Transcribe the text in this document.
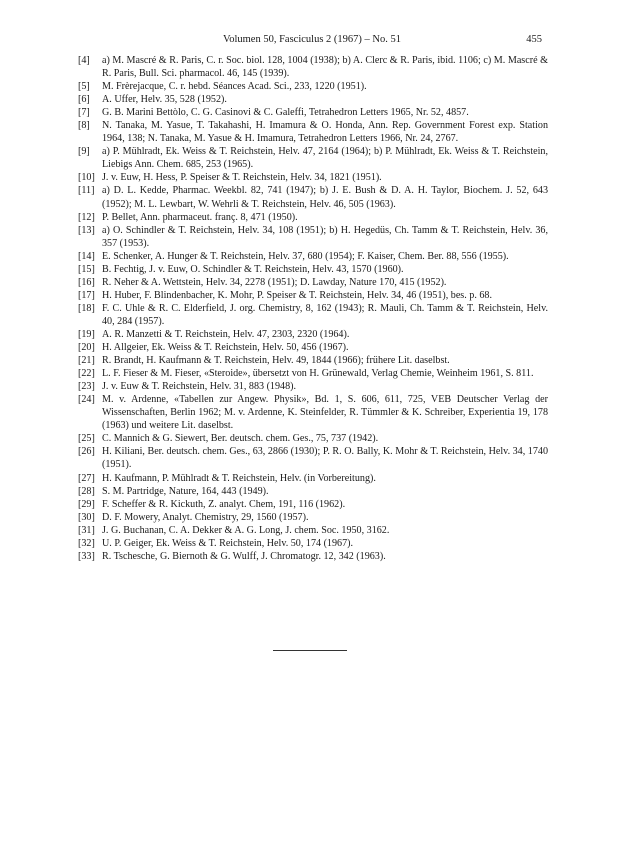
Volumen 50, Fasciculus 2 (1967) – No. 51	455
[4]	a) M. Mascré & R. Paris, C. r. Soc. biol. 128, 1004 (1938); b) A. Clerc & R. Paris, ibid. 1106; c) M. Mascré & R. Paris, Bull. Sci. pharmacol. 46, 145 (1939).
[5]	M. Frèrejacque, C. r. hebd. Séances Acad. Sci., 233, 1220 (1951).
[6]	A. Uffer, Helv. 35, 528 (1952).
[7]	G. B. Marini Bettòlo, C. G. Casinovi & C. Galeffi, Tetrahedron Letters 1965, Nr. 52, 4857.
[8]	N. Tanaka, M. Yasue, T. Takahashi, H. Imamura & O. Honda, Ann. Rep. Government Forest exp. Station 1964, 138; N. Tanaka, M. Yasue & H. Imamura, Tetrahedron Letters 1966, Nr. 24, 2767.
[9]	a) P. Mühlradt, Ek. Weiss & T. Reichstein, Helv. 47, 2164 (1964); b) P. Mühlradt, Ek. Weiss & T. Reichstein, Liebigs Ann. Chem. 685, 253 (1965).
[10] J. v. Euw, H. Hess, P. Speiser & T. Reichstein, Helv. 34, 1821 (1951).
[11] a) D. L. Kedde, Pharmac. Weekbl. 82, 741 (1947); b) J. E. Bush & D. A. H. Taylor, Biochem. J. 52, 643 (1952); M. L. Lewbart, W. Wehrli & T. Reichstein, Helv. 46, 505 (1963).
[12] P. Bellet, Ann. pharmaceut. franç. 8, 471 (1950).
[13] a) O. Schindler & T. Reichstein, Helv. 34, 108 (1951); b) H. Hegedüs, Ch. Tamm & T. Reichstein, Helv. 36, 357 (1953).
[14] E. Schenker, A. Hunger & T. Reichstein, Helv. 37, 680 (1954); F. Kaiser, Chem. Ber. 88, 556 (1955).
[15] B. Fechtig, J. v. Euw, O. Schindler & T. Reichstein, Helv. 43, 1570 (1960).
[16] R. Neher & A. Wettstein, Helv. 34, 2278 (1951); D. Lawday, Nature 170, 415 (1952).
[17] H. Huber, F. Blindenbacher, K. Mohr, P. Speiser & T. Reichstein, Helv. 34, 46 (1951), bes. p. 68.
[18] F. C. Uhle & R. C. Elderfield, J. org. Chemistry, 8, 162 (1943); R. Mauli, Ch. Tamm & T. Reichstein, Helv. 40, 284 (1957).
[19] A. R. Manzetti & T. Reichstein, Helv. 47, 2303, 2320 (1964).
[20] H. Allgeier, Ek. Weiss & T. Reichstein, Helv. 50, 456 (1967).
[21] R. Brandt, H. Kaufmann & T. Reichstein, Helv. 49, 1844 (1966); frühere Lit. daselbst.
[22] L. F. Fieser & M. Fieser, «Steroide», übersetzt von H. Grünewald, Verlag Chemie, Weinheim 1961, S. 811.
[23] J. v. Euw & T. Reichstein, Helv. 31, 883 (1948).
[24] M. v. Ardenne, «Tabellen zur Angew. Physik», Bd. 1, S. 606, 611, 725, VEB Deutscher Verlag der Wissenschaften, Berlin 1962; M. v. Ardenne, K. Steinfelder, R. Tümmler & K. Schreiber, Experientia 19, 178 (1963) und weitere Lit. daselbst.
[25] C. Mannich & G. Siewert, Ber. deutsch. chem. Ges., 75, 737 (1942).
[26] H. Kiliani, Ber. deutsch. chem. Ges., 63, 2866 (1930); P. R. O. Bally, K. Mohr & T. Reichstein, Helv. 34, 1740 (1951).
[27] H. Kaufmann, P. Mühlradt & T. Reichstein, Helv. (in Vorbereitung).
[28] S. M. Partridge, Nature, 164, 443 (1949).
[29] F. Scheffer & R. Kickuth, Z. analyt. Chem, 191, 116 (1962).
[30] D. F. Mowery, Analyt. Chemistry, 29, 1560 (1957).
[31] J. G. Buchanan, C. A. Dekker & A. G. Long, J. chem. Soc. 1950, 3162.
[32] U. P. Geiger, Ek. Weiss & T. Reichstein, Helv. 50, 174 (1967).
[33] R. Tschesche, G. Biernoth & G. Wulff, J. Chromatogr. 12, 342 (1963).
